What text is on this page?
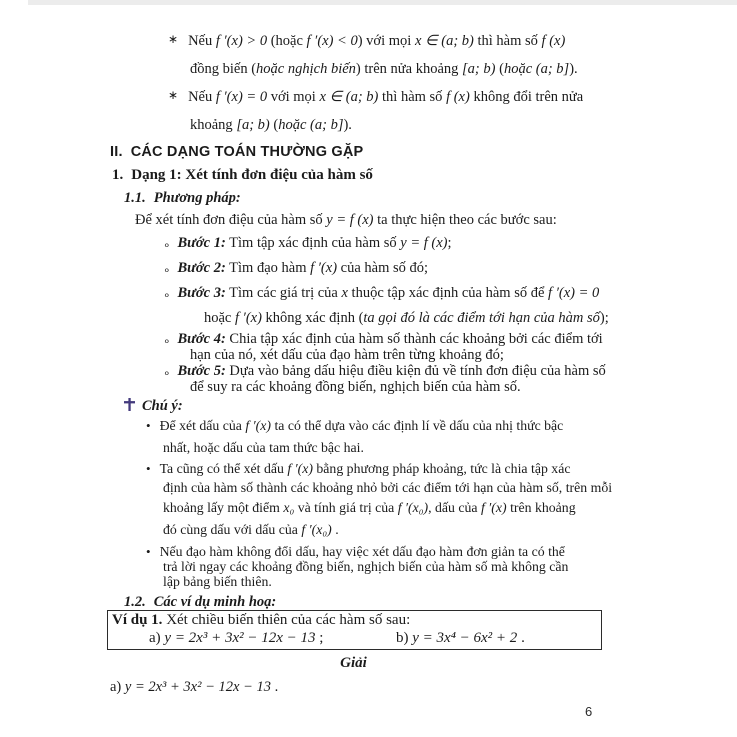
∗ Nếu f ′(x) > 0 (hoặc f ′(x) < 0) với mọi x ∈ (a; b) thì hàm số f (x)
đồng biến (hoặc nghịch biến) trên nửa khoảng [a; b) (hoặc (a; b]).
∗ Nếu f ′(x) = 0 với mọi x ∈ (a; b) thì hàm số f (x) không đổi trên nửa
khoảng [a; b) (hoặc (a; b]).
II. CÁC DẠNG TOÁN THƯỜNG GẶP
1. Dạng 1: Xét tính đơn điệu của hàm số
1.1. Phương pháp:
Để xét tính đơn điệu của hàm số y = f (x) ta thực hiện theo các bước sau:
∘ Bước 1: Tìm tập xác định của hàm số y = f (x);
∘ Bước 2: Tìm đạo hàm f ′(x) của hàm số đó;
∘ Bước 3: Tìm các giá trị của x thuộc tập xác định của hàm số để f ′(x) = 0
hoặc f ′(x) không xác định (ta gọi đó là các điểm tới hạn của hàm số);
∘ Bước 4: Chia tập xác định của hàm số thành các khoảng bởi các điểm tới
hạn của nó, xét dấu của đạo hàm trên từng khoảng đó;
∘ Bước 5: Dựa vào bảng dấu hiệu điều kiện đủ về tính đơn điệu của hàm số
để suy ra các khoảng đồng biến, nghịch biến của hàm số.
Chú ý:
• Để xét dấu của f ′(x) ta có thể dựa vào các định lí về dấu của nhị thức bậc
nhất, hoặc dấu của tam thức bậc hai.
• Ta cũng có thể xét dấu f ′(x) bằng phương pháp khoảng, tức là chia tập xác
định của hàm số thành các khoảng nhỏ bởi các điểm tới hạn của hàm số, trên mỗi
khoảng lấy một điểm x₀ và tính giá trị của f ′(x₀), dấu của f ′(x) trên khoảng
đó cùng dấu với dấu của f ′(x₀) .
• Nếu đạo hàm không đổi dấu, hay việc xét dấu đạo hàm đơn giản ta có thể
trả lời ngay các khoảng đồng biến, nghịch biến của hàm số mà không cần
lập bảng biến thiên.
1.2. Các ví dụ minh hoạ:
Ví dụ 1. Xét chiều biến thiên của các hàm số sau:
a) y = 2x³ + 3x² − 12x − 13 ;	b) y = 3x⁴ − 6x² + 2 .
Giải
a) y = 2x³ + 3x² − 12x − 13 .
6
